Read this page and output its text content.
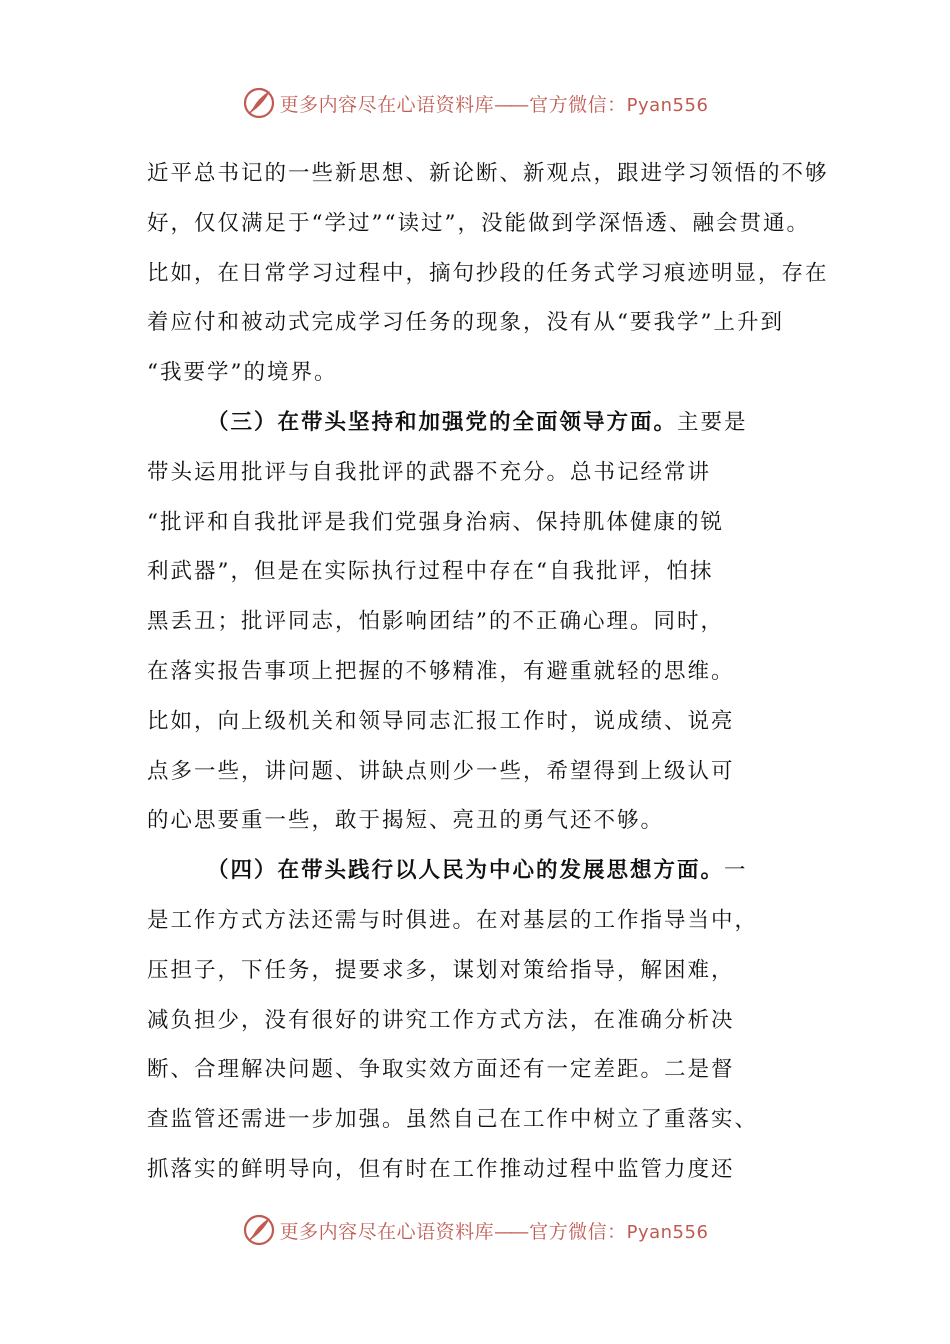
更多内容尽在心语资料库—— 官方微信：Pyan556
近平总书记的一些新思想、新论断、新观点，跟进学习领悟的不够
好，仅仅满足于“学过”“读过”，没能做到学深悟透、融会贯通。
比如，在日常学习过程中，摘句抄段的任务式学习痕迹明显，存在
着应付和被动式完成学习任务的现象，没有从“要我学”上升到
“我要学”的境界。
（三）在带头坚持和加强党的全面领导方面。主要是
带头运用批评与自我批评的武器不充分。总书记经常讲
“批评和自我批评是我们党强身治病、保持肌体健康的锐
利武器”，但是在实际执行过程中存在“自我批评，怕抹
黑丢丑；批评同志，怕影响团结”的不正确心理。同时，
在落实报告事项上把握的不够精准，有避重就轻的思维。
比如，向上级机关和领导同志汇报工作时，说成绩、说亮
点多一些，讲问题、讲缺点则少一些，希望得到上级认可
的心思要重一些，敢于揭短、亮丑的勇气还不够。
（四）在带头践行以人民为中心的发展思想方面。一
是工作方式方法还需与时俱进。在对基层的工作指导当中，
压担子，下任务，提要求多，谋划对策给指导，解困难，
减负担少，没有很好的讲究工作方式方法，在准确分析决
断、合理解决问题、争取实效方面还有一定差距。二是督
查监管还需进一步加强。虽然自己在工作中树立了重落实、
抓落实的鲜明导向，但有时在工作推动过程中监管力度还
更多内容尽在心语资料库—— 官方微信：Pyan556
